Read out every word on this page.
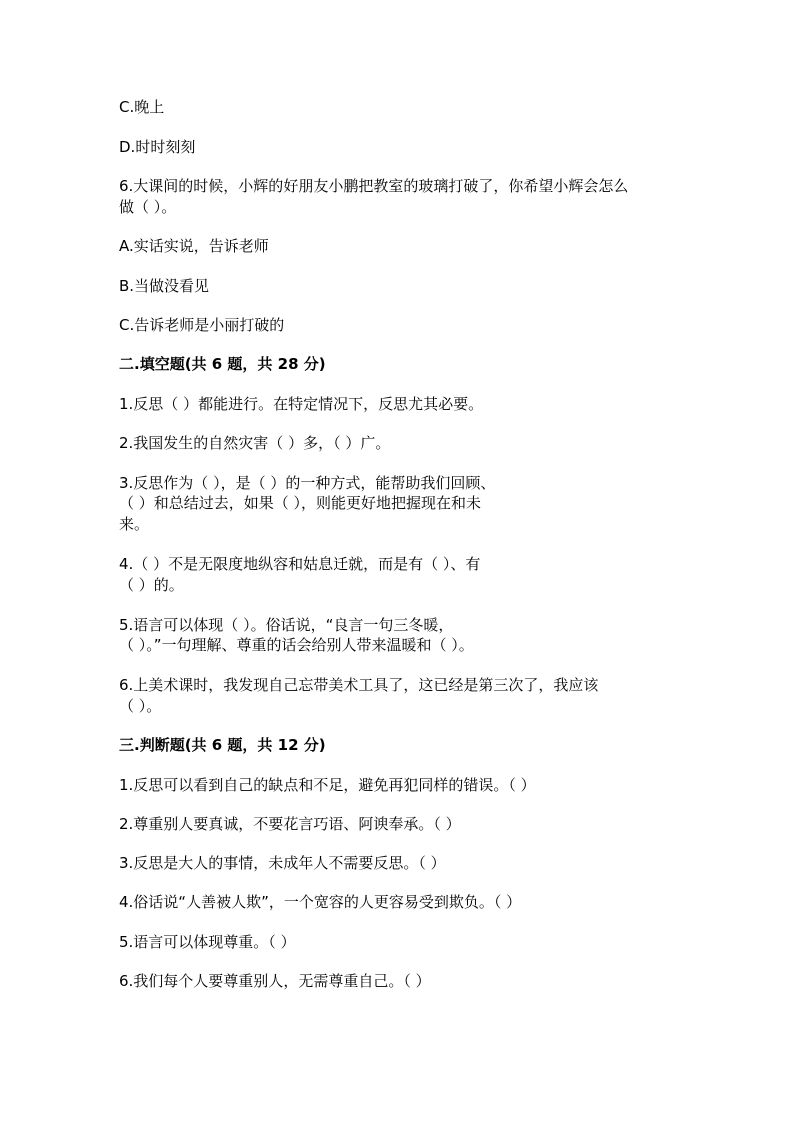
C.晚上
D.时时刻刻
6.大课间的时候，小辉的好朋友小鹏把教室的玻璃打破了，你希望小辉会怎么
做（ ）。
A.实话实说，告诉老师
B.当做没看见
C.告诉老师是小丽打破的
二.填空题(共 6 题，共 28 分)
1.反思（ ）都能进行。在特定情况下，反思尤其必要。
2.我国发生的自然灾害（ ）多，（ ）广。
3.反思作为（ ），是（ ）的一种方式，能帮助我们回顾、
（ ）和总结过去，如果（ ），则能更好地把握现在和未
来。
4.（ ）不是无限度地纵容和姑息迁就，而是有（ ）、有
（ ）的。
5.语言可以体现（ ）。俗话说，“良言一句三冬暖，
（ ）。”一句理解、尊重的话会给别人带来温暖和（ ）。
6.上美术课时，我发现自己忘带美术工具了，这已经是第三次了，我应该
（ ）。
三.判断题(共 6 题，共 12 分)
1.反思可以看到自己的缺点和不足，避免再犯同样的错误。（ ）
2.尊重别人要真诚，不要花言巧语、阿谀奉承。（ ）
3.反思是大人的事情，未成年人不需要反思。（ ）
4.俗话说“人善被人欺”，一个宽容的人更容易受到欺负。（ ）
5.语言可以体现尊重。（ ）
6.我们每个人要尊重别人，无需尊重自己。（ ）
